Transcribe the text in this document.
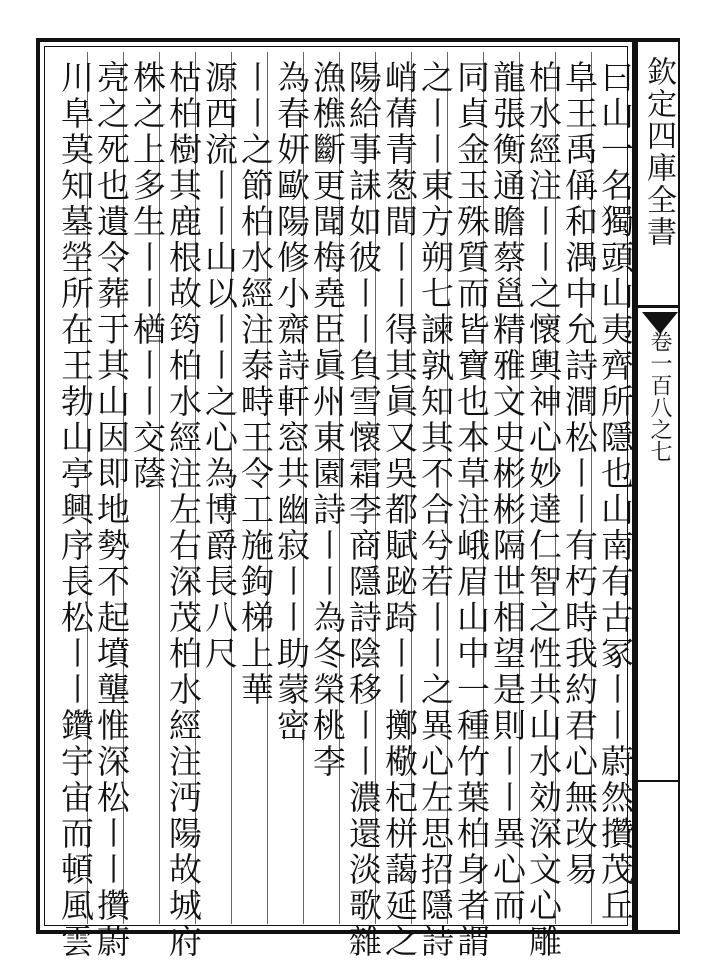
欽定四庫全書
卷一百八之七
曰山一名獨頭山夷齊所隱也山南有古冢〡〡蔚然攢茂丘
阜王禹偁和湡中允詩澗松〡〡有朽時我約君心無改易
柏水經注〡〡之懷輿神心妙達仁智之性共山水効深文心雕
龍張衡通瞻蔡邕精雅文史彬彬隔世相望是則〡〡異心而
同貞金玉殊質而皆寶也本草注峨眉山中一種竹葉柏身者謂
之〡〡東方朔七諫孰知其不合兮若〡〡之異心左思招隱詩
峭蒨青葱間〡〡得其眞又吳都賦䟤踦〡〡擲㯳杞栟藹延之
陽給事誄如彼〡〡負雪懷霜李商隱詩陰移〡〡濃還淡歌雜
漁樵斷更聞梅堯臣眞州東園詩〡〡為冬榮桃李
為春妍歐陽修小齋詩軒窓共幽寂〡〡助蒙密
〡〡之節柏水經注泰畤王令工施鉤梯上華
源西流〡〡山以〡〡之心為博爵長八尺
枯柏樹其鹿根故筠柏水經注左右深茂柏水經注沔陽故城府
株之上多生〡〡楢〡〡交蔭
亮之死也遺令葬于其山因即地勢不起墳壟惟深松〡〡攢蔚
川阜莫知墓塋所在王勃山亭興序長松〡〡鑽宇宙而頓風雲
